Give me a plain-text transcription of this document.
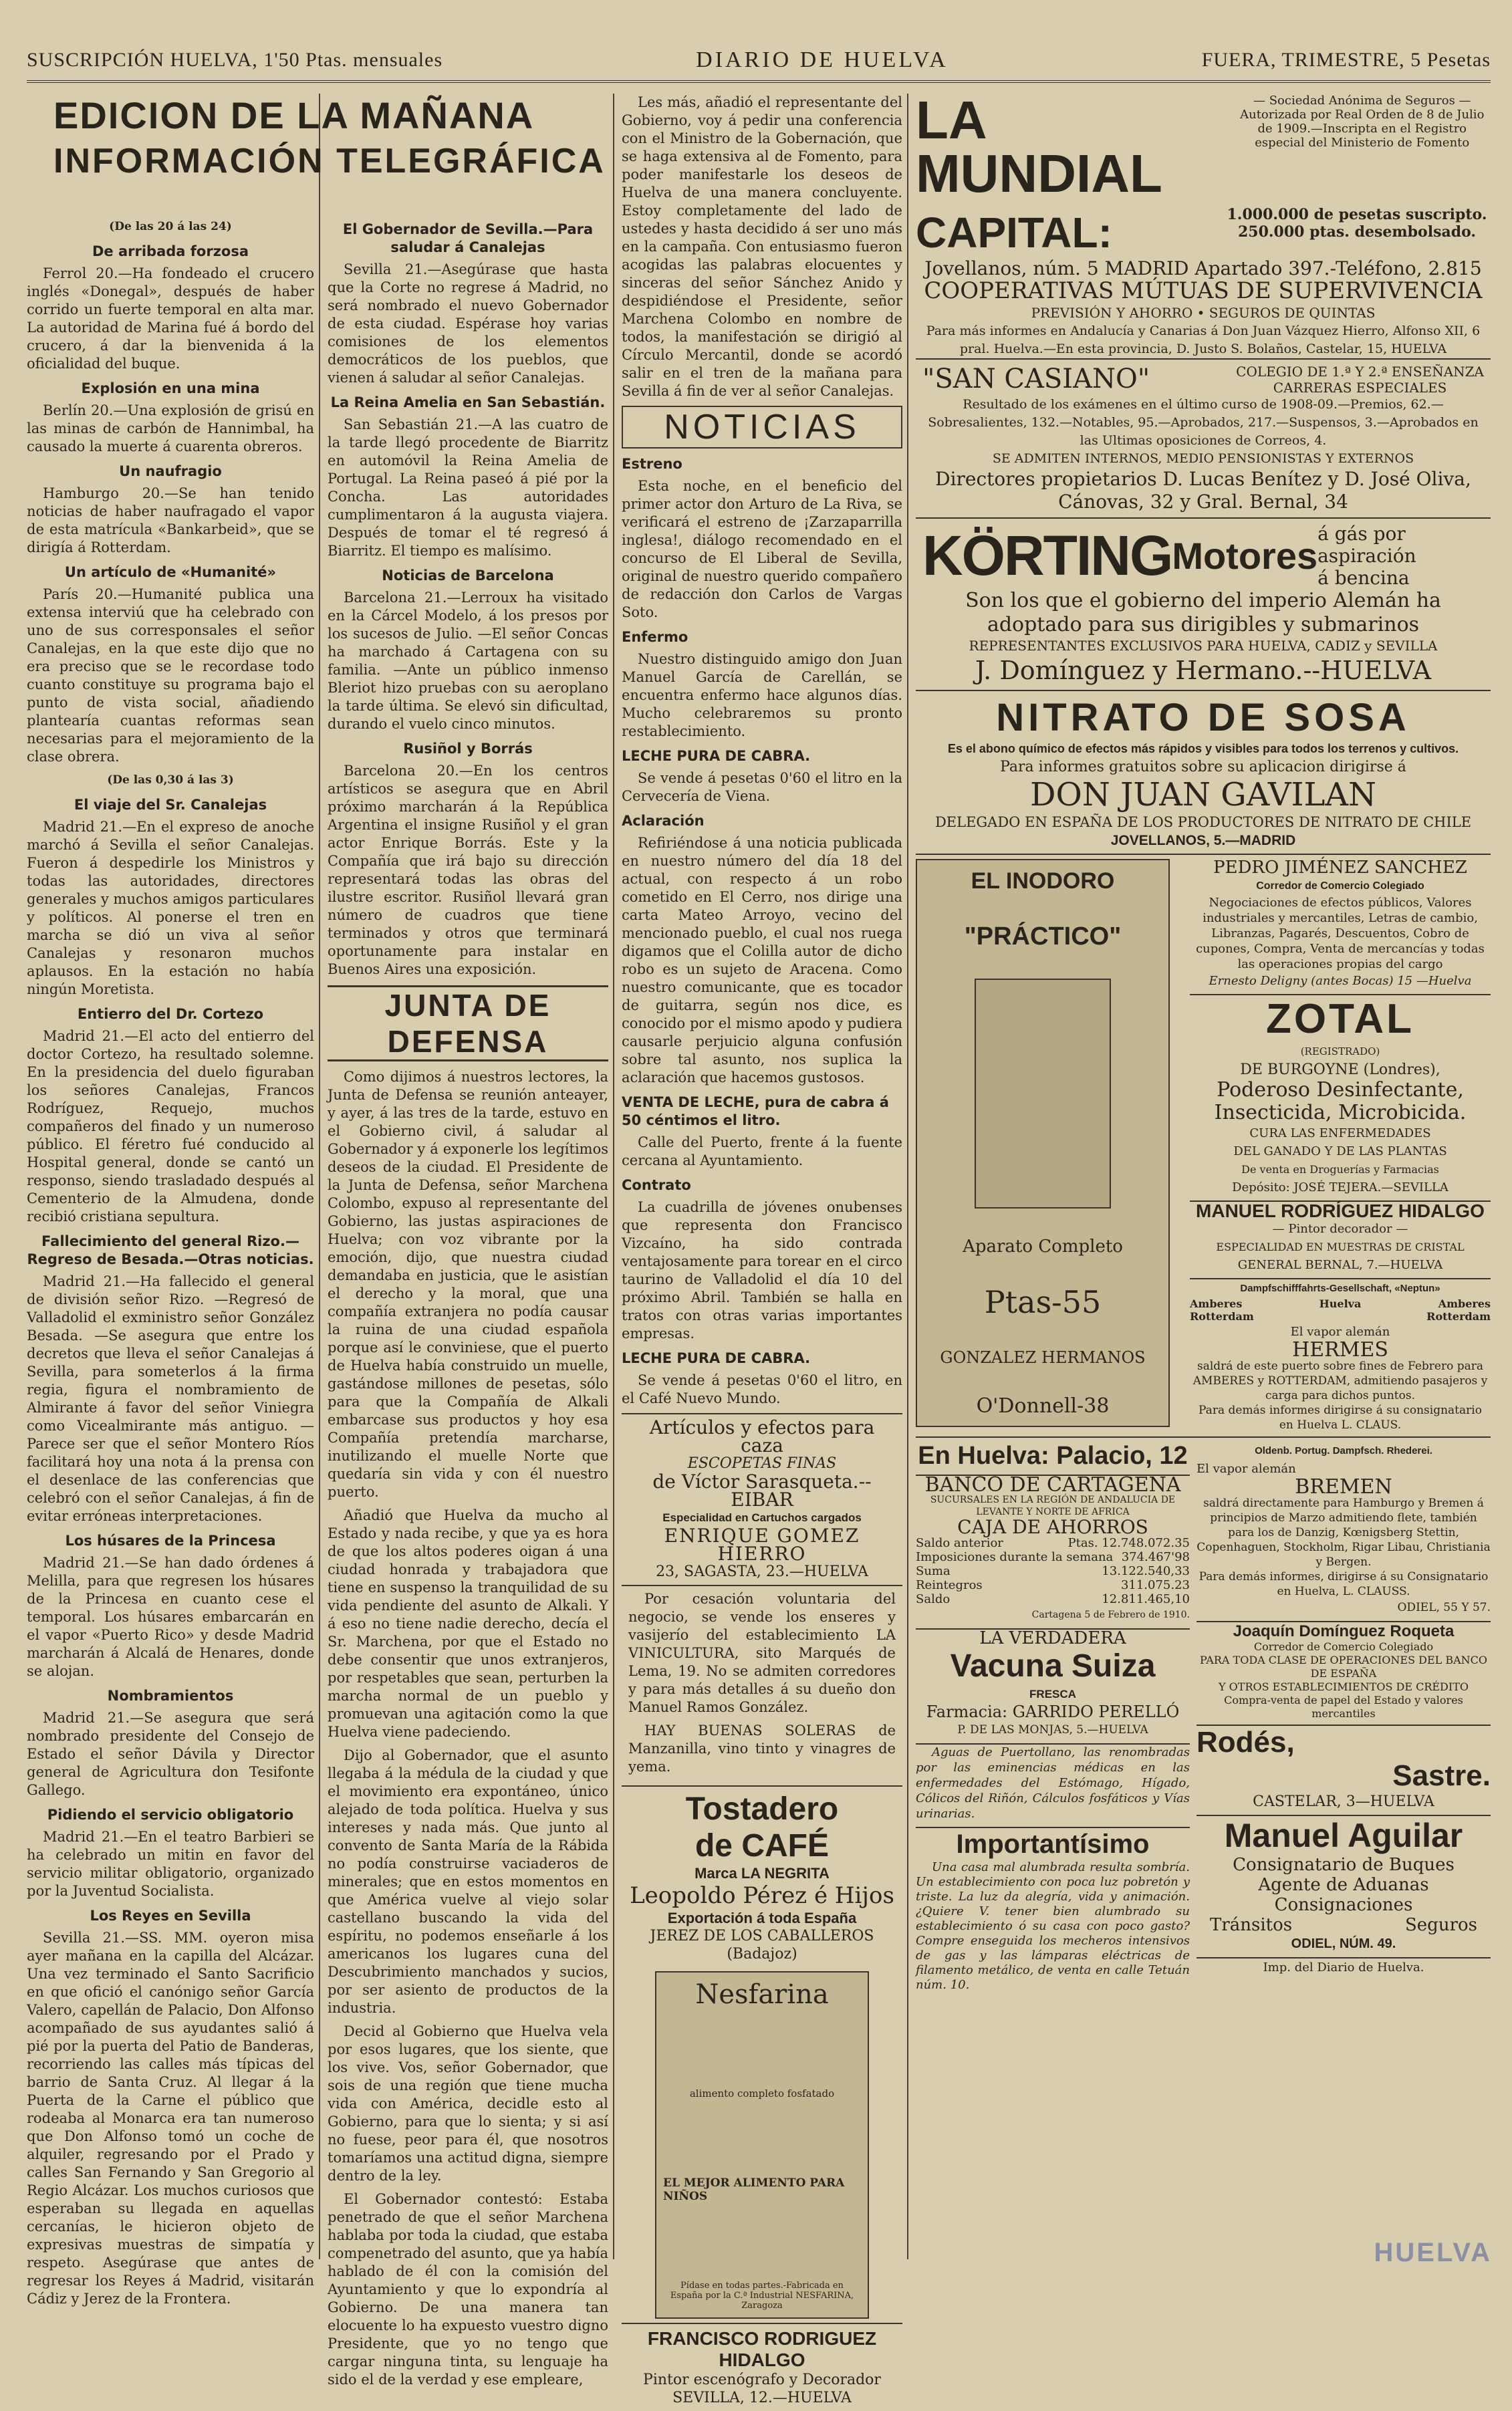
SUSCRIPCIÓN HUELVA, 1'50 Ptas. mensuales	DIARIO DE HUELVA	FUERA, TRIMESTRE, 5 Pesetas
EDICION DE LA MAÑANA
INFORMACIÓN TELEGRÁFICA

(De las 20 á las 24)

De arribada forzosa

Ferrol 20.—Ha fondeado el crucero inglés «Donegal», después de haber corrido un fuerte temporal en alta mar. La autoridad de Marina fué á bordo del crucero, á dar la bienvenida á la oficialidad del buque.

Explosión en una mina

Berlín 20.—Una explosión de grisú en las minas de carbón de Hannimbal, ha causado la muerte á cuarenta obreros.

Un naufragio

Hamburgo 20.—Se han tenido noticias de haber naufragado el vapor de esta matrícula «Bankarbeid», que se dirigía á Rotterdam.

Un artículo de «Humanité»

París 20.—Humanité publica una extensa interviú que ha celebrado con uno de sus corresponsales el señor Canalejas, en la que este dijo que no era preciso que se le recordase todo cuanto constituye su programa bajo el punto de vista social, añadiendo plantearía cuantas reformas sean necesarias para el mejoramiento de la clase obrera.

(De las 0,30 á las 3)

El viaje del Sr. Canalejas

Madrid 21.—En el expreso de anoche marchó á Sevilla el señor Canalejas. Fueron á despedirle los Ministros y todas las autoridades, directores generales y muchos amigos particulares y políticos. Al ponerse el tren en marcha se dió un viva al señor Canalejas y resonaron muchos aplausos. En la estación no había ningún Moretista.

Entierro del Dr. Cortezo

Madrid 21.—El acto del entierro del doctor Cortezo, ha resultado solemne. En la presidencia del duelo figuraban los señores Canalejas, Francos Rodríguez, Requejo, muchos compañeros del finado y un numeroso público. El féretro fué conducido al Hospital general, donde se cantó un responso, siendo trasladado después al Cementerio de la Almudena, donde recibió cristiana sepultura.

Fallecimiento del general Rizo.—Regreso de Besada.—Otras noticias.

Madrid 21.—Ha fallecido el general de división señor Rizo. —Regresó de Valladolid el exministro señor González Besada. —Se asegura que entre los decretos que lleva el señor Canalejas á Sevilla, para someterlos á la firma regia, figura el nombramiento de Almirante á favor del señor Viniegra como Vicealmirante más antiguo. —Parece ser que el señor Montero Ríos facilitará hoy una nota á la prensa con el desenlace de las conferencias que celebró con el señor Canalejas, á fin de evitar erróneas interpretaciones.

Los húsares de la Princesa

Madrid 21.—Se han dado órdenes á Melilla, para que regresen los húsares de la Princesa en cuanto cese el temporal. Los húsares embarcarán en el vapor «Puerto Rico» y desde Madrid marcharán á Alcalá de Henares, donde se alojan.

Nombramientos

Madrid 21.—Se asegura que será nombrado presidente del Consejo de Estado el señor Dávila y Director general de Agricultura don Tesifonte Gallego.

Pidiendo el servicio obligatorio

Madrid 21.—En el teatro Barbieri se ha celebrado un mitin en favor del servicio militar obligatorio, organizado por la Juventud Socialista.

Los Reyes en Sevilla

Sevilla 21.—SS. MM. oyeron misa ayer mañana en la capilla del Alcázar. Una vez terminado el Santo Sacrificio en que ofició el canónigo señor García Valero, capellán de Palacio, Don Alfonso acompañado de sus ayudantes salió á pié por la puerta del Patio de Banderas, recorriendo las calles más típicas del barrio de Santa Cruz. Al llegar á la Puerta de la Carne el público que rodeaba al Monarca era tan numeroso que Don Alfonso tomó un coche de alquiler, regresando por el Prado y calles San Fernando y San Gregorio al Regio Alcázar. Los muchos curiosos que esperaban su llegada en aquellas cercanías, le hicieron objeto de expresivas muestras de simpatía y respeto. Asegúrase que antes de regresar los Reyes á Madrid, visitarán Cádiz y Jerez de la Frontera.

El Gobernador de Sevilla.—Para saludar á Canalejas

Sevilla 21.—Asegúrase que hasta que la Corte no regrese á Madrid, no será nombrado el nuevo Gobernador de esta ciudad. Espérase hoy varias comisiones de los elementos democráticos de los pueblos, que vienen á saludar al señor Canalejas.

La Reina Amelia en San Sebastián.

San Sebastián 21.—A las cuatro de la tarde llegó procedente de Biarritz en automóvil la Reina Amelia de Portugal. La Reina paseó á pié por la Concha. Las autoridades cumplimentaron á la augusta viajera. Después de tomar el té regresó á Biarritz. El tiempo es malísimo.

Noticias de Barcelona

Barcelona 21.—Lerroux ha visitado en la Cárcel Modelo, á los presos por los sucesos de Julio. —El señor Concas ha marchado á Cartagena con su familia. —Ante un público inmenso Bleriot hizo pruebas con su aeroplano la tarde última. Se elevó sin dificultad, durando el vuelo cinco minutos.

Rusiñol y Borrás

Barcelona 20.—En los centros artísticos se asegura que en Abril próximo marcharán á la República Argentina el insigne Rusiñol y el gran actor Enrique Borrás. Este y la Compañía que irá bajo su dirección representará todas las obras del ilustre escritor. Rusiñol llevará gran número de cuadros que tiene terminados y otros que terminará oportunamente para instalar en Buenos Aires una exposición.

JUNTA DE DEFENSA

Como dijimos á nuestros lectores, la Junta de Defensa se reunión anteayer, y ayer, á las tres de la tarde, estuvo en el Gobierno civil, á saludar al Gobernador y á exponerle los legítimos deseos de la ciudad. El Presidente de la Junta de Defensa, señor Marchena Colombo, expuso al representante del Gobierno, las justas aspiraciones de Huelva; con voz vibrante por la emoción, dijo, que nuestra ciudad demandaba en justicia, que le asistían el derecho y la moral, que una compañía extranjera no podía causar la ruina de una ciudad española porque así le conviniese, que el puerto de Huelva había construido un muelle, gastándose millones de pesetas, sólo para que la Compañía de Alkali embarcase sus productos y hoy esa Compañía pretendía marcharse, inutilizando el muelle Norte que quedaría sin vida y con él nuestro puerto.

Añadió que Huelva da mucho al Estado y nada recibe, y que ya es hora de que los altos poderes oigan á una ciudad honrada y trabajadora que tiene en suspenso la tranquilidad de su vida pendiente del asunto de Alkali. Y á eso no tiene nadie derecho, decía el Sr. Marchena, por que el Estado no debe consentir que unos extranjeros, por respetables que sean, perturben la marcha normal de un pueblo y promuevan una agitación como la que Huelva viene padeciendo.

Dijo al Gobernador, que el asunto llegaba á la médula de la ciudad y que el movimiento era expontáneo, único alejado de toda política. Huelva y sus intereses y nada más. Que junto al convento de Santa María de la Rábida no podía construirse vaciaderos de minerales; que en estos momentos en que América vuelve al viejo solar castellano buscando la vida del espíritu, no podemos enseñarle á los americanos los lugares cuna del Descubrimiento manchados y sucios, por ser asiento de productos de la industria.

Decid al Gobierno que Huelva vela por esos lugares, que los siente, que los vive. Vos, señor Gobernador, que sois de una región que tiene mucha vida con América, decidle esto al Gobierno, para que lo sienta; y si así no fuese, peor para él, que nosotros tomaríamos una actitud digna, siempre dentro de la ley.

El Gobernador contestó: Estaba penetrado de que el señor Marchena hablaba por toda la ciudad, que estaba compenetrado del asunto, que ya había hablado de él con la comisión del Ayuntamiento y que lo expondría al Gobierno. De una manera tan elocuente lo ha expuesto vuestro digno Presidente, que yo no tengo que cargar ninguna tinta, su lenguaje ha sido el de la verdad y ese empleare,

Les más, añadió el representante del Gobierno, voy á pedir una conferencia con el Ministro de la Gobernación, que se haga extensiva al de Fomento, para poder manifestarle los deseos de Huelva de una manera concluyente. Estoy completamente del lado de ustedes y hasta decidido á ser uno más en la campaña. Con entusiasmo fueron acogidas las palabras elocuentes y sinceras del señor Sánchez Anido y despidiéndose el Presidente, señor Marchena Colombo en nombre de todos, la manifestación se dirigió al Círculo Mercantil, donde se acordó salir en el tren de la mañana para Sevilla á fin de ver al señor Canalejas.

NOTICIAS

Estreno

Esta noche, en el beneficio del primer actor don Arturo de La Riva, se verificará el estreno de ¡Zarzaparrilla inglesa!, diálogo recomendado en el concurso de El Liberal de Sevilla, original de nuestro querido compañero de redacción don Carlos de Vargas Soto.

Enfermo

Nuestro distinguido amigo don Juan Manuel García de Carellán, se encuentra enfermo hace algunos días. Mucho celebraremos su pronto restablecimiento.

LECHE PURA DE CABRA.

Se vende á pesetas 0'60 el litro en la Cervecería de Viena.

Aclaración

Refiriéndose á una noticia publicada en nuestro número del día 18 del actual, con respecto á un robo cometido en El Cerro, nos dirige una carta Mateo Arroyo, vecino del mencionado pueblo, el cual nos ruega digamos que el Colilla autor de dicho robo es un sujeto de Aracena. Como nuestro comunicante, que es tocador de guitarra, según nos dice, es conocido por el mismo apodo y pudiera causarle perjuicio alguna confusión sobre tal asunto, nos suplica la aclaración que hacemos gustosos.

VENTA DE LECHE, pura de cabra á 50 céntimos el litro.

Calle del Puerto, frente á la fuente cercana al Ayuntamiento.

Contrato

La cuadrilla de jóvenes onubenses que representa don Francisco Vizcaíno, ha sido contrada ventajosamente para torear en el circo taurino de Valladolid el día 10 del próximo Abril. También se halla en tratos con otras varias importantes empresas.

LECHE PURA DE CABRA.

Se vende á pesetas 0'60 el litro, en el Café Nuevo Mundo.

Artículos y efectos para caza
ESCOPETAS FINAS
de Víctor Sarasqueta.--EIBAR
Especialidad en Cartuchos cargados
ENRIQUE GOMEZ HIERRO
23, SAGASTA, 23.—HUELVA

Por cesación voluntaria del negocio, se vende los enseres y vasijerío del establecimiento LA VINICULTURA, sito Marqués de Lema, 19. No se admiten corredores y para más detalles á su dueño don Manuel Ramos González.

HAY BUENAS SOLERAS de Manzanilla, vino tinto y vinagres de yema.

Tostadero
de CAFÉ
Marca LA NEGRITA
Leopoldo Pérez é Hijos
Exportación á toda España
JEREZ DE LOS CABALLEROS (Badajoz)
Nesfarina
alimento completo fosfatado
EL MEJOR ALIMENTO PARA NIÑOS
Pídase en todas partes.-Fabricada en España por la C.ª Industrial NESFARINA, Zaragoza
FRANCISCO RODRIGUEZ HIDALGO
Pintor escenógrafo y Decorador
SEVILLA, 12.—HUELVA
LA MUNDIAL
— Sociedad Anónima de Seguros —
Autorizada por Real Orden de 8 de Julio de 1909.—Inscripta en el Registro especial del Ministerio de Fomento
CAPITAL:	1.000.000 de pesetas suscripto.
250.000 ptas. desembolsado.
Jovellanos, núm. 5 MADRID Apartado 397.-Teléfono, 2.815
COOPERATIVAS MÚTUAS DE SUPERVIVENCIA
PREVISIÓN Y AHORRO • SEGUROS DE QUINTAS
Para más informes en Andalucía y Canarias á Don Juan Vázquez Hierro, Alfonso XII, 6 pral. Huelva.—En esta provincia, D. Justo S. Bolaños, Castelar, 15, HUELVA
"SAN CASIANO"	COLEGIO DE 1.ª Y 2.ª ENSEÑANZA
CARRERAS ESPECIALES
Resultado de los exámenes en el último curso de 1908-09.—Premios, 62.—Sobresalientes, 132.—Notables, 95.—Aprobados, 217.—Suspensos, 3.—Aprobados en las Ultimas oposiciones de Correos, 4.
SE ADMITEN INTERNOS, MEDIO PENSIONISTAS Y EXTERNOS
Directores propietarios D. Lucas Benítez y D. José Oliva, Cánovas, 32 y Gral. Bernal, 34
KÖRTING Motores
á gás por aspiración
á bencina
Son los que el gobierno del imperio Alemán ha adoptado para sus dirigibles y submarinos
REPRESENTANTES EXCLUSIVOS PARA HUELVA, CADIZ y SEVILLA
J. Domínguez y Hermano.--HUELVA
NITRATO DE SOSA
Es el abono químico de efectos más rápidos y visibles para todos los terrenos y cultivos.
Para informes gratuitos sobre su aplicacion dirigirse á
DON JUAN GAVILAN
DELEGADO EN ESPAÑA DE LOS PRODUCTORES DE NITRATO DE CHILE
JOVELLANOS, 5.—MADRID
EL INODORO
"PRÁCTICO"
Aparato Completo
Ptas-55
GONZALEZ HERMANOS
O'Donnell-38
PEDRO JIMÉNEZ SANCHEZ
Corredor de Comercio Colegiado
Negociaciones de efectos públicos, Valores industriales y mercantiles, Letras de cambio, Libranzas, Pagarés, Descuentos, Cobro de cupones, Compra, Venta de mercancías y todas las operaciones propias del cargo
Ernesto Deligny (antes Bocas) 15 —Huelva
ZOTAL
(REGISTRADO)
DE BURGOYNE (Londres),
Poderoso Desinfectante,
Insecticida, Microbicida.
CURA LAS ENFERMEDADES
DEL GANADO Y DE LAS PLANTAS
De venta en Droguerías y Farmacias
Depósito: JOSÉ TEJERA.—SEVILLA
MANUEL RODRÍGUEZ HIDALGO
— Pintor decorador —
ESPECIALIDAD EN MUESTRAS DE CRISTAL
GENERAL BERNAL, 7.—HUELVA
Dampfschifffahrts-Gesellschaft, «Neptun»
Amberes	Huelva	Amberes
Rotterdam	Rotterdam
El vapor alemán
HERMES
saldrá de este puerto sobre fines de Febrero para AMBERES y ROTTERDAM, admitiendo pasajeros y carga para dichos puntos.
Para demás informes dirigirse á su consignatario en Huelva L. CLAUS.
En Huelva: Palacio, 12
BANCO DE CARTAGENA
SUCURSALES EN LA REGIÓN DE ANDALUCIA DE LEVANTE Y NORTE DE AFRICA
CAJA DE AHORROS
Saldo anterior	Ptas. 12.748.072.35
Imposiciones durante la semana 374.467'98
Suma	13.122.540,33
Reintegros	311.075.23
Saldo	12.811.465,10
Cartagena 5 de Febrero de 1910.
LA VERDADERA
Vacuna Suiza
FRESCA
Farmacia: GARRIDO PERELLÓ
P. DE LAS MONJAS, 5.—HUELVA

Aguas de Puertollano, las renombradas por las eminencias médicas en las enfermedades del Estómago, Hígado, Cólicos del Riñón, Cálculos fosfáticos y Vías urinarias.

Importantísimo

Una casa mal alumbrada resulta sombría. Un establecimiento con poca luz pobretón y triste. La luz da alegría, vida y animación. ¿Quiere V. tener bien alumbrado su establecimiento ó su casa con poco gasto? Compre enseguida los mecheros intensivos de gas y las lámparas eléctricas de filamento metálico, de venta en calle Tetuán núm. 10.

Oldenb. Portug. Dampfsch. Rhederei.
El vapor alemán
BREMEN
saldrá directamente para Hamburgo y Bremen á principios de Marzo admitiendo flete, también para los de Danzig, Kœnigsberg Stettin, Copenhaguen, Stockholm, Rigar Libau, Christiania y Bergen.
Para demás informes, dirigirse á su Consignatario en Huelva, L. CLAUSS.
ODIEL, 55 Y 57.
Joaquín Domínguez Roqueta
Corredor de Comercio Colegiado
PARA TODA CLASE DE OPERACIONES DEL BANCO DE ESPAÑA
Y OTROS ESTABLECIMIENTOS DE CRÉDITO
Compra-venta de papel del Estado y valores mercantiles
Rodés,
Sastre.
CASTELAR, 3—HUELVA
Manuel Aguilar
Consignatario de Buques
Agente de Aduanas
Consignaciones
Tránsitos	Seguros
ODIEL, NÚM. 49.
Imp. del Diario de Huelva.
HUELVA
